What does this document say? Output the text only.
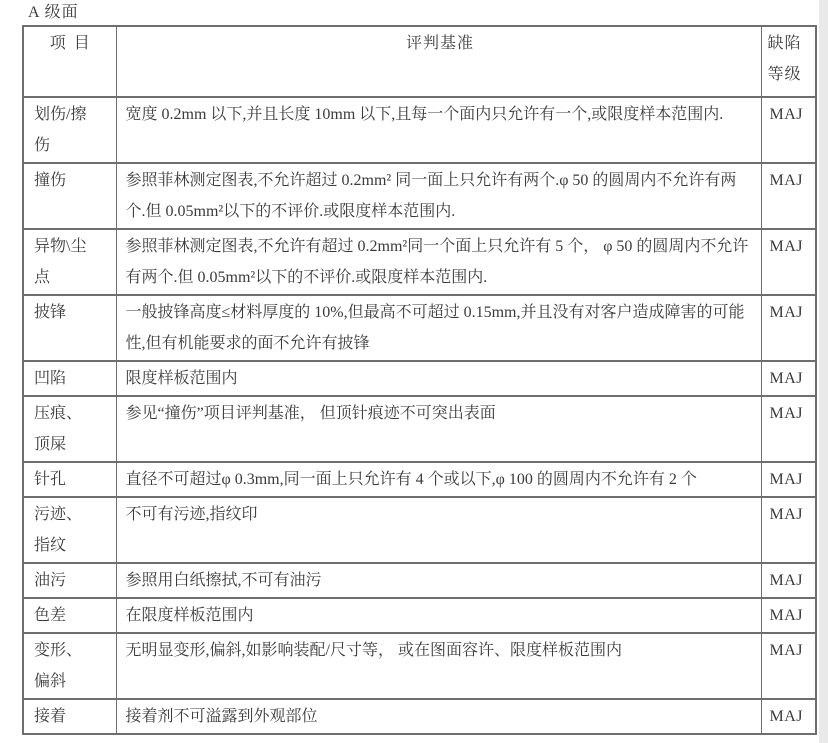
A 级面
项目	评判基准	缺陷
等级

划伤/擦伤	宽度 0.2mm 以下,并且长度 10mm 以下,且每一个面内只允许有一个,或限度样本范围内.	MAJ
撞伤	参照菲林测定图表,不允许超过 0.2mm² 同一面上只允许有两个.φ 50 的圆周内不允许有两个.但 0.05mm²以下的不评价.或限度样本范围内.	MAJ
异物\尘点	参照菲林测定图表,不允许有超过 0.2mm²同一个面上只允许有 5 个， φ 50 的圆周内不允许有两个.但 0.05mm²以下的不评价.或限度样本范围内.	MAJ
披锋	一般披锋高度≤材料厚度的 10%,但最高不可超过 0.15mm,并且没有对客户造成障害的可能性,但有机能要求的面不允许有披锋	MAJ
凹陷	限度样板范围内	MAJ
压痕、顶屎	参见“撞伤”项目评判基准， 但顶针痕迹不可突出表面	MAJ
针孔	直径不可超过φ 0.3mm,同一面上只允许有 4 个或以下,φ 100 的圆周内不允许有 2 个	MAJ
污迹、指纹	不可有污迹,指纹印	MAJ
油污	参照用白纸擦拭,不可有油污	MAJ
色差	在限度样板范围内	MAJ
变形、偏斜	无明显变形,偏斜,如影响装配/尺寸等， 或在图面容许、限度样板范围内	MAJ
接着	接着剂不可溢露到外观部位	MAJ
